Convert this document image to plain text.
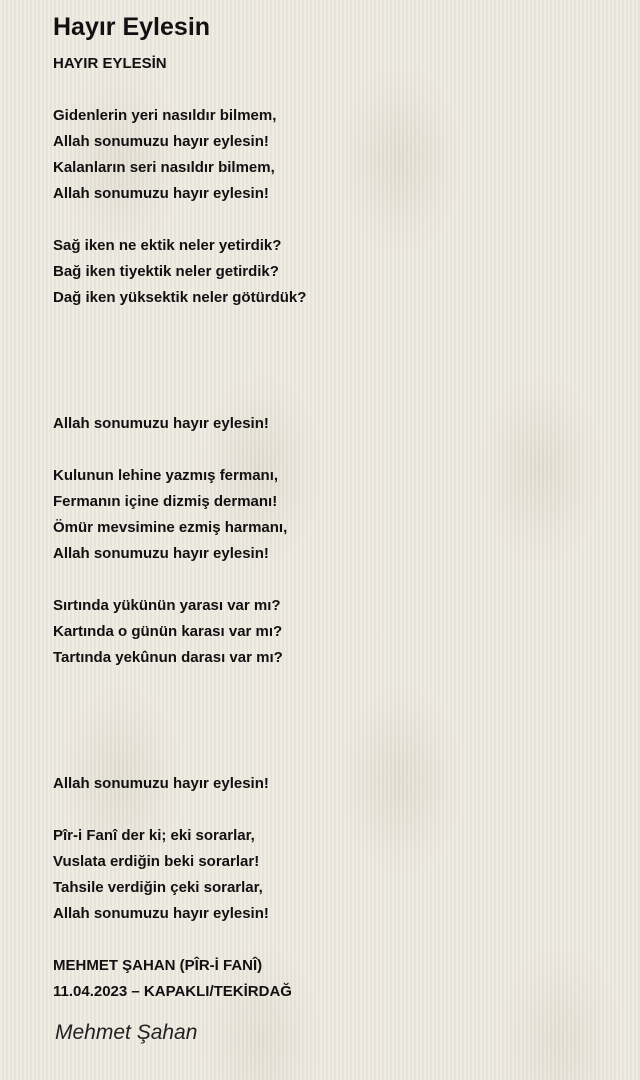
Hayır Eylesin
HAYIR EYLESİN
Gidenlerin yeri nasıldır bilmem,
Allah sonumuzu hayır eylesin!
Kalanların seri nasıldır bilmem,
Allah sonumuzu hayır eylesin!
Sağ iken ne ektik neler yetirdik?
Bağ iken tiyektik neler getirdik?
Dağ iken yüksektik neler götürdük?
Allah sonumuzu hayır eylesin!
Kulunun lehine yazmış fermanı,
Fermanın içine dizmiş dermanı!
Ömür mevsimine ezmiş harmanı,
Allah sonumuzu hayır eylesin!
Sırtında yükünün yarası var mı?
Kartında o günün karası var mı?
Tartında yekûnun darası var mı?
Allah sonumuzu hayır eylesin!
Pîr-i Fanî der ki; eki sorarlar,
Vuslata erdiğin beki sorarlar!
Tahsile verdiğin çeki sorarlar,
Allah sonumuzu hayır eylesin!
MEHMET ŞAHAN (PÎR-İ FANÎ)
11.04.2023 – KAPAKLI/TEKİRDAĞ
Mehmet Şahan
